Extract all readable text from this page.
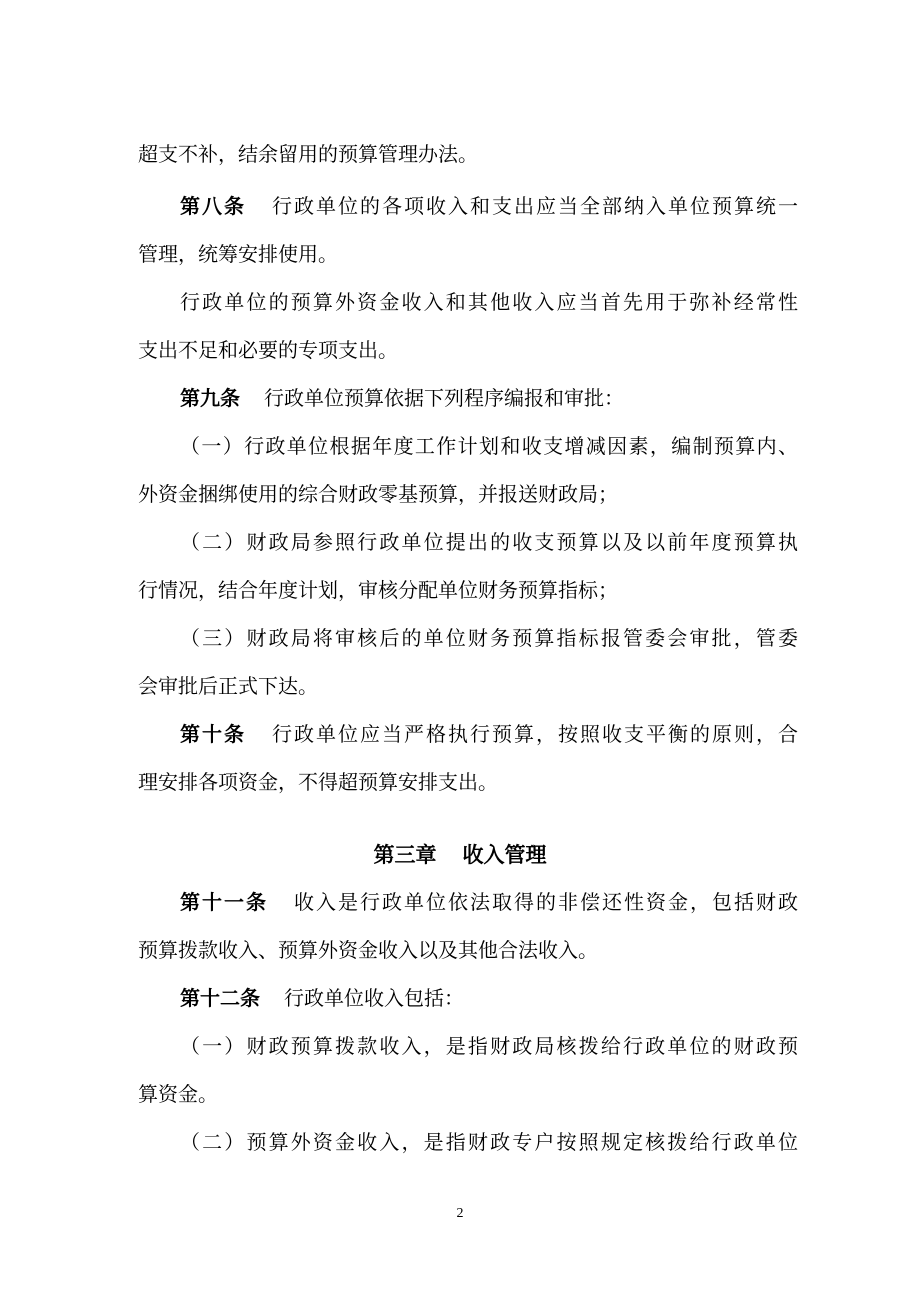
超支不补，结余留用的预算管理办法。
第八条 行政单位的各项收入和支出应当全部纳入单位预算统一
管理，统筹安排使用。
行政单位的预算外资金收入和其他收入应当首先用于弥补经常性
支出不足和必要的专项支出。
第九条 行政单位预算依据下列程序编报和审批：
（一）行政单位根据年度工作计划和收支增减因素，编制预算内、
外资金捆绑使用的综合财政零基预算，并报送财政局；
（二）财政局参照行政单位提出的收支预算以及以前年度预算执
行情况，结合年度计划，审核分配单位财务预算指标；
（三）财政局将审核后的单位财务预算指标报管委会审批，管委
会审批后正式下达。
第十条 行政单位应当严格执行预算，按照收支平衡的原则，合
理安排各项资金，不得超预算安排支出。
第三章 收入管理
第十一条 收入是行政单位依法取得的非偿还性资金，包括财政
预算拨款收入、预算外资金收入以及其他合法收入。
第十二条 行政单位收入包括：
（一）财政预算拨款收入，是指财政局核拨给行政单位的财政预
算资金。
（二）预算外资金收入，是指财政专户按照规定核拨给行政单位
2
